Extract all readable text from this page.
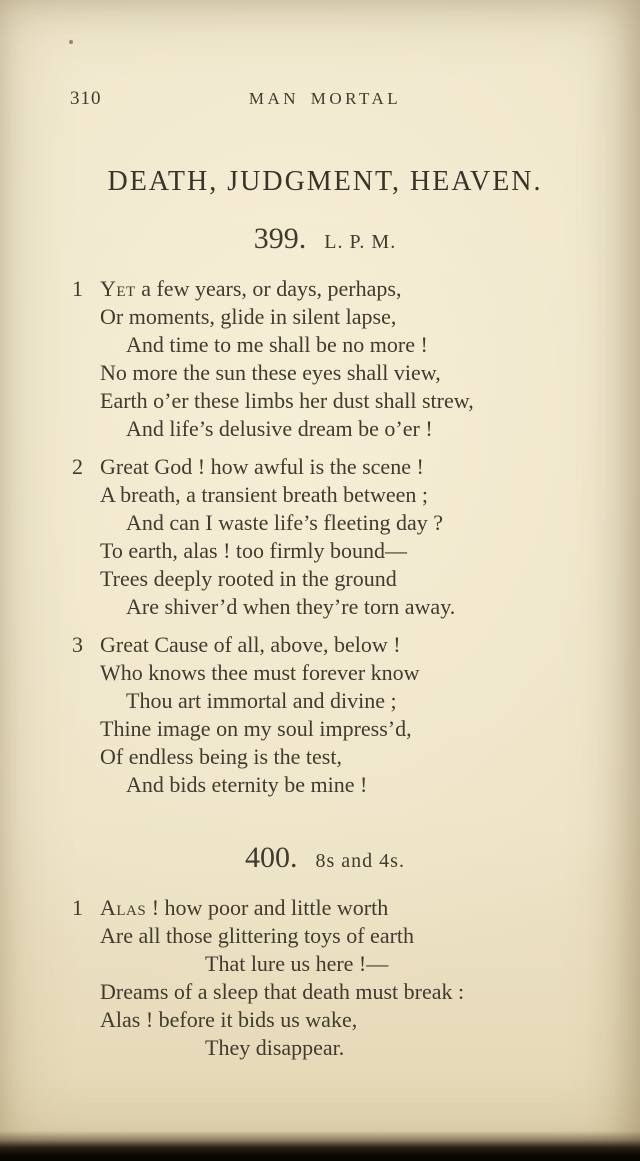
310	MAN MORTAL
DEATH, JUDGMENT, HEAVEN.
399. L. P. M.
1 Yet a few years, or days, perhaps,
Or moments, glide in silent lapse,
And time to me shall be no more !
No more the sun these eyes shall view,
Earth o’er these limbs her dust shall strew,
And life’s delusive dream be o’er !
2 Great God ! how awful is the scene !
A breath, a transient breath between ;
And can I waste life’s fleeting day ?
To earth, alas ! too firmly bound—
Trees deeply rooted in the ground
Are shiver’d when they’re torn away.
3 Great Cause of all, above, below !
Who knows thee must forever know
Thou art immortal and divine ;
Thine image on my soul impress’d,
Of endless being is the test,
And bids eternity be mine !
400. 8s and 4s.
1 Alas ! how poor and little worth
Are all those glittering toys of earth
That lure us here !—
Dreams of a sleep that death must break :
Alas ! before it bids us wake,
They disappear.
